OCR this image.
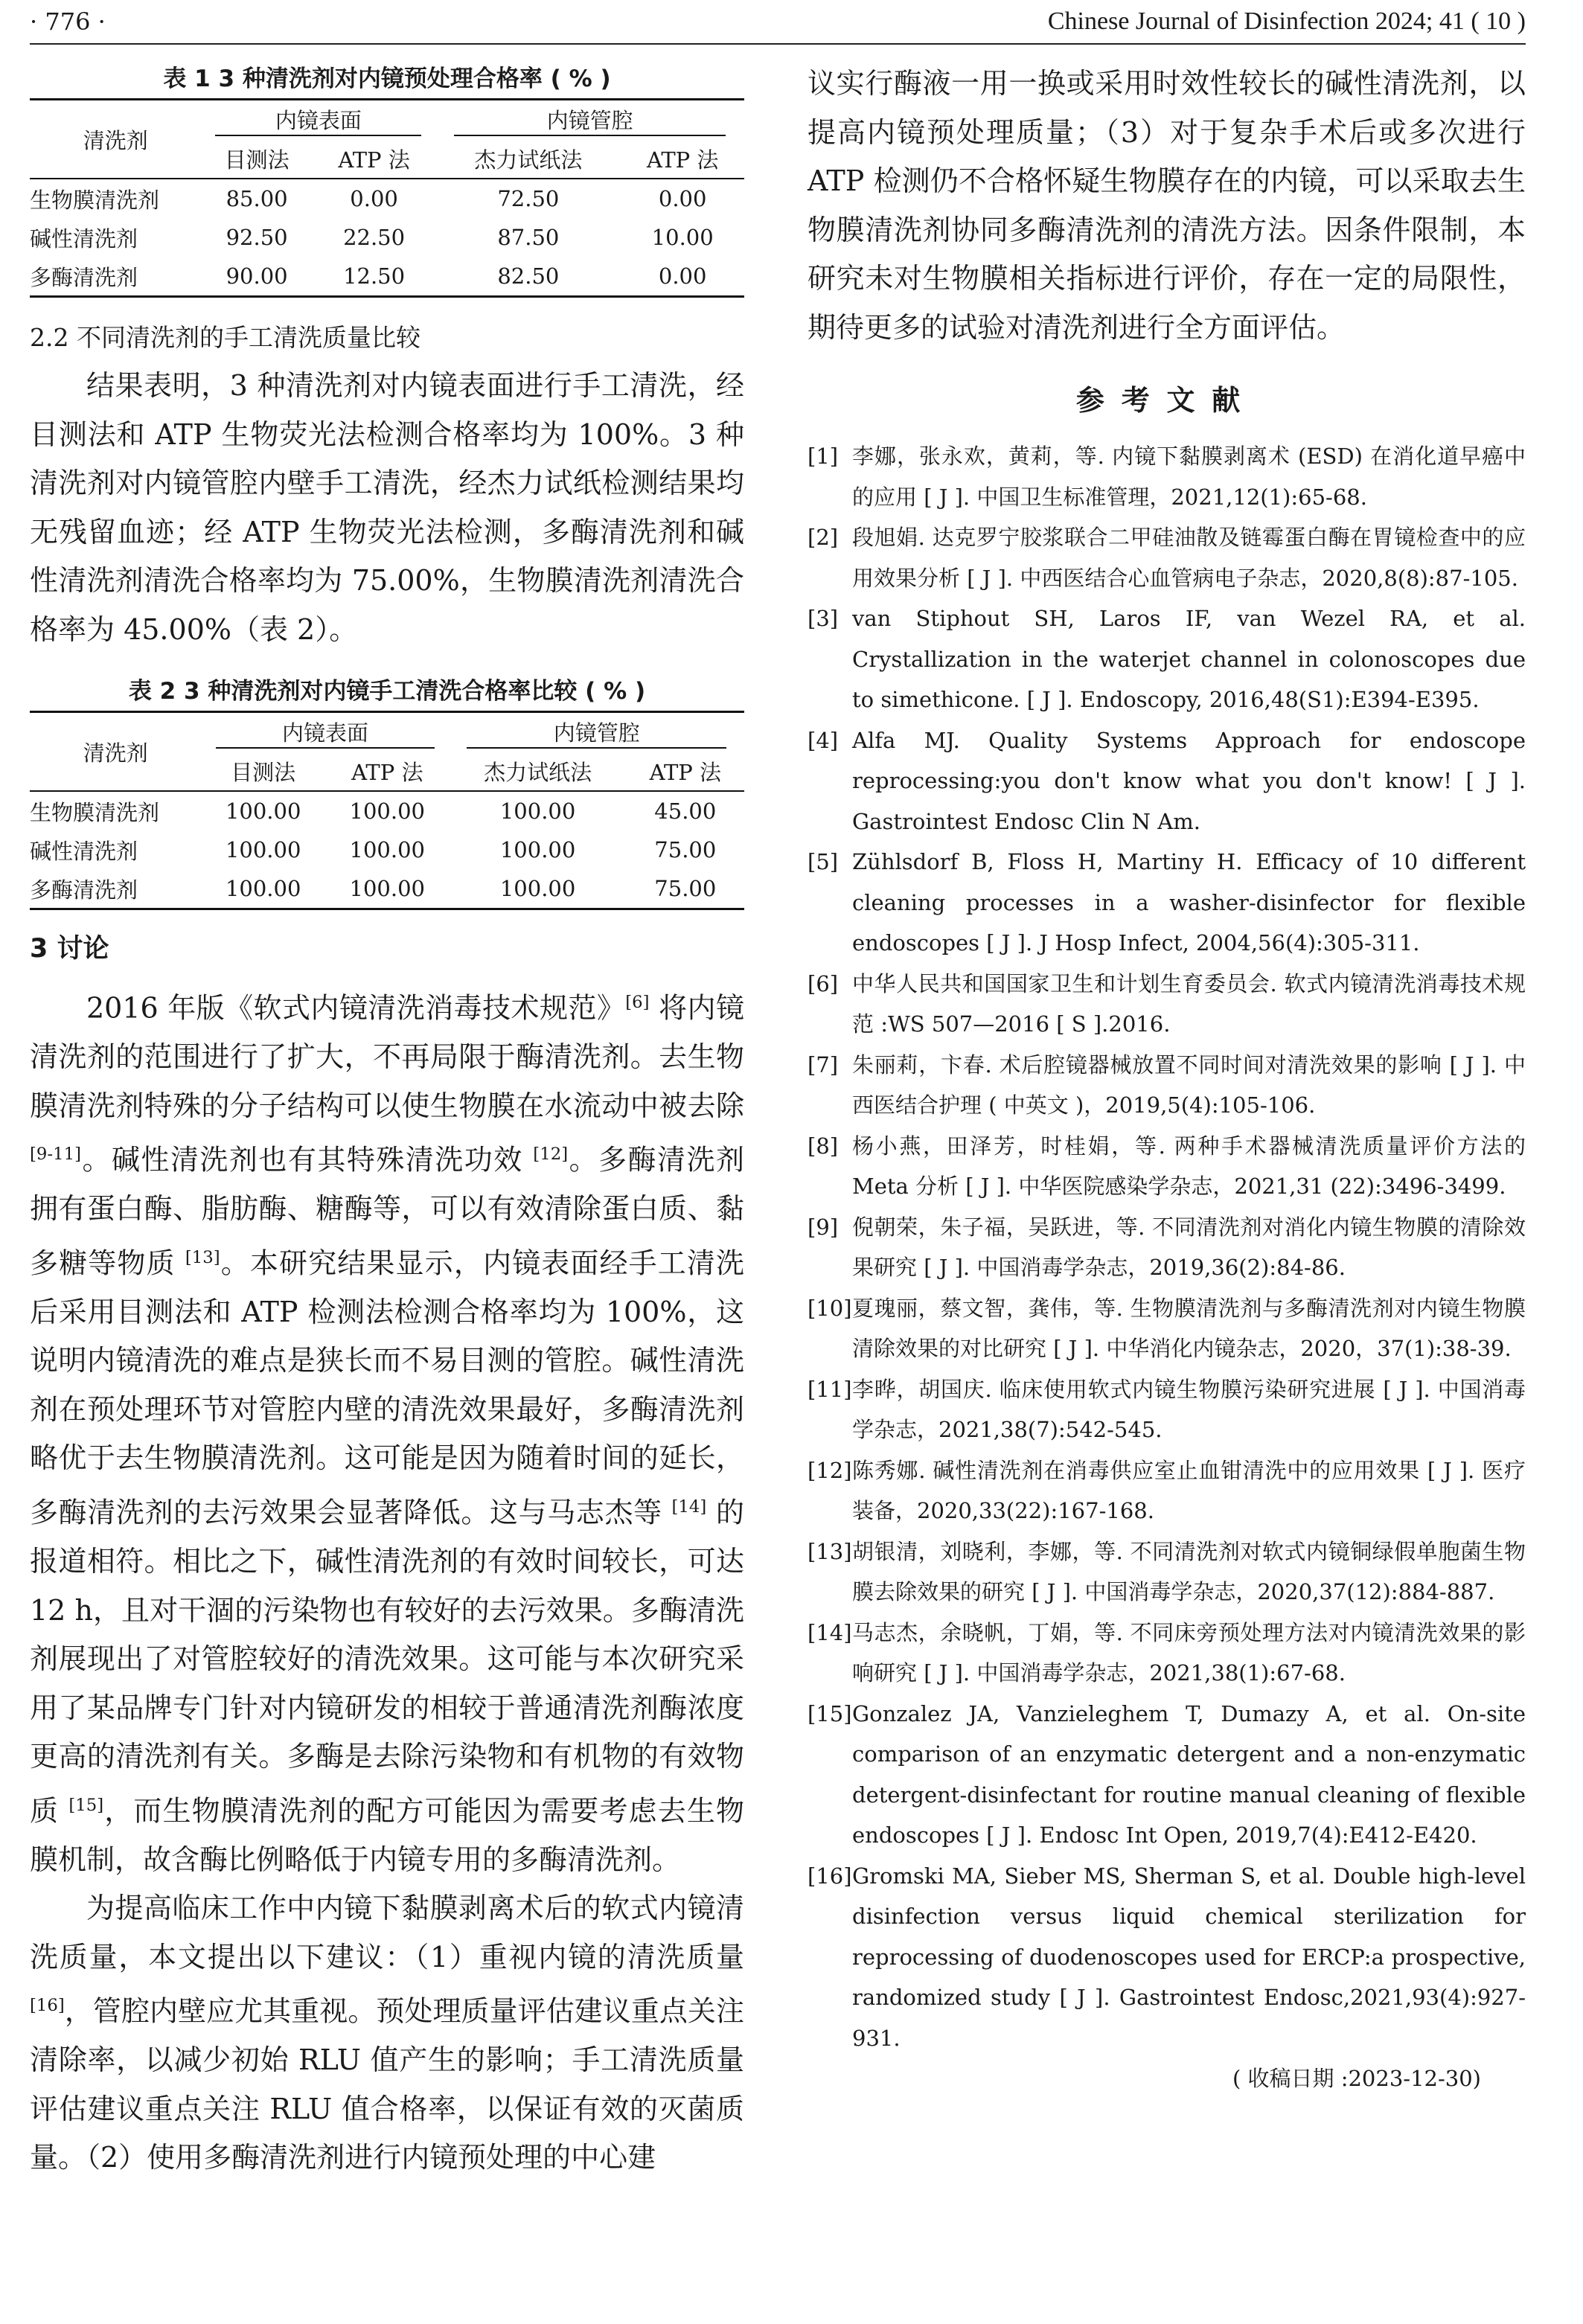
· 776 ·	Chinese Journal of Disinfection 2024; 41 ( 10 )
表 1 3 种清洗剂对内镜预处理合格率 ( % )
清洗剂	内镜表面		内镜管腔	
	目测法	ATP 法	杰力试纸法	ATP 法
生物膜清洗剂	85.00	0.00	72.50	0.00
碱性清洗剂	92.50	22.50	87.50	10.00
多酶清洗剂	90.00	12.50	82.50	0.00
2.2 不同清洗剂的手工清洗质量比较

结果表明，3 种清洗剂对内镜表面进行手工清洗，经目测法和 ATP 生物荧光法检测合格率均为 100%。3 种清洗剂对内镜管腔内壁手工清洗，经杰力试纸检测结果均无残留血迹；经 ATP 生物荧光法检测，多酶清洗剂和碱性清洗剂清洗合格率均为 75.00%，生物膜清洗剂清洗合格率为 45.00%（表 2）。

表 2 3 种清洗剂对内镜手工清洗合格率比较 ( % )
清洗剂	内镜表面		内镜管腔	
	目测法	ATP 法	杰力试纸法	ATP 法
生物膜清洗剂	100.00	100.00	100.00	45.00
碱性清洗剂	100.00	100.00	100.00	75.00
多酶清洗剂	100.00	100.00	100.00	75.00
3 讨论

2016 年版《软式内镜清洗消毒技术规范》[6] 将内镜清洗剂的范围进行了扩大，不再局限于酶清洗剂。去生物膜清洗剂特殊的分子结构可以使生物膜在水流动中被去除 [9-11]。碱性清洗剂也有其特殊清洗功效 [12]。多酶清洗剂拥有蛋白酶、脂肪酶、糖酶等，可以有效清除蛋白质、黏多糖等物质 [13]。本研究结果显示，内镜表面经手工清洗后采用目测法和 ATP 检测法检测合格率均为 100%，这说明内镜清洗的难点是狭长而不易目测的管腔。碱性清洗剂在预处理环节对管腔内壁的清洗效果最好，多酶清洗剂略优于去生物膜清洗剂。这可能是因为随着时间的延长，多酶清洗剂的去污效果会显著降低。这与马志杰等 [14] 的报道相符。相比之下，碱性清洗剂的有效时间较长，可达 12 h，且对干涸的污染物也有较好的去污效果。多酶清洗剂展现出了对管腔较好的清洗效果。这可能与本次研究采用了某品牌专门针对内镜研发的相较于普通清洗剂酶浓度更高的清洗剂有关。多酶是去除污染物和有机物的有效物质 [15]，而生物膜清洗剂的配方可能因为需要考虑去生物膜机制，故含酶比例略低于内镜专用的多酶清洗剂。

为提高临床工作中内镜下黏膜剥离术后的软式内镜清洗质量，本文提出以下建议：（1）重视内镜的清洗质量 [16]，管腔内壁应尤其重视。预处理质量评估建议重点关注清除率，以减少初始 RLU 值产生的影响；手工清洗质量评估建议重点关注 RLU 值合格率，以保证有效的灭菌质量。（2）使用多酶清洗剂进行内镜预处理的中心建

议实行酶液一用一换或采用时效性较长的碱性清洗剂，以提高内镜预处理质量；（3）对于复杂手术后或多次进行 ATP 检测仍不合格怀疑生物膜存在的内镜，可以采取去生物膜清洗剂协同多酶清洗剂的清洗方法。因条件限制，本研究未对生物膜相关指标进行评价，存在一定的局限性，期待更多的试验对清洗剂进行全方面评估。

参考文献
[1] 李娜，张永欢，黄莉，等. 内镜下黏膜剥离术 (ESD) 在消化道早癌中的应用 [ J ]. 中国卫生标准管理，2021,12(1):65-68.
[2] 段旭娟. 达克罗宁胶浆联合二甲硅油散及链霉蛋白酶在胃镜检查中的应用效果分析 [ J ]. 中西医结合心血管病电子杂志，2020,8(8):87-105.
[3] van Stiphout SH, Laros IF, van Wezel RA, et al. Crystallization in the waterjet channel in colonoscopes due to simethicone. [ J ]. Endoscopy, 2016,48(S1):E394-E395.
[4] Alfa MJ. Quality Systems Approach for endoscope reprocessing:you don't know what you don't know! [ J ]. Gastrointest Endosc Clin N Am.
[5] Zühlsdorf B, Floss H, Martiny H. Efficacy of 10 different cleaning processes in a washer-disinfector for flexible endoscopes [ J ]. J Hosp Infect, 2004,56(4):305-311.
[6] 中华人民共和国国家卫生和计划生育委员会. 软式内镜清洗消毒技术规范 :WS 507—2016 [ S ].2016.
[7] 朱丽莉，卞春. 术后腔镜器械放置不同时间对清洗效果的影响 [ J ]. 中西医结合护理 ( 中英文 )，2019,5(4):105-106.
[8] 杨小燕，田泽芳，时桂娟，等. 两种手术器械清洗质量评价方法的 Meta 分析 [ J ]. 中华医院感染学杂志，2021,31 (22):3496-3499.
[9] 倪朝荣，朱子福，吴跃进，等. 不同清洗剂对消化内镜生物膜的清除效果研究 [ J ]. 中国消毒学杂志，2019,36(2):84-86.
[10] 夏瑰丽，蔡文智，龚伟，等. 生物膜清洗剂与多酶清洗剂对内镜生物膜清除效果的对比研究 [ J ]. 中华消化内镜杂志，2020，37(1):38-39.
[11] 李晔，胡国庆. 临床使用软式内镜生物膜污染研究进展 [ J ]. 中国消毒学杂志，2021,38(7):542-545.
[12] 陈秀娜. 碱性清洗剂在消毒供应室止血钳清洗中的应用效果 [ J ]. 医疗装备，2020,33(22):167-168.
[13] 胡银清，刘晓利，李娜，等. 不同清洗剂对软式内镜铜绿假单胞菌生物膜去除效果的研究 [ J ]. 中国消毒学杂志，2020,37(12):884-887.
[14] 马志杰，余晓帆，丁娟，等. 不同床旁预处理方法对内镜清洗效果的影响研究 [ J ]. 中国消毒学杂志，2021,38(1):67-68.
[15] Gonzalez JA, Vanzieleghem T, Dumazy A, et al. On-site comparison of an enzymatic detergent and a non-enzymatic detergent-disinfectant for routine manual cleaning of flexible endoscopes [ J ]. Endosc Int Open, 2019,7(4):E412-E420.
[16] Gromski MA, Sieber MS, Sherman S, et al. Double high-level disinfection versus liquid chemical sterilization for reprocessing of duodenoscopes used for ERCP:a prospective, randomized study [ J ]. Gastrointest Endosc,2021,93(4):927-931.
( 收稿日期 :2023-12-30)
